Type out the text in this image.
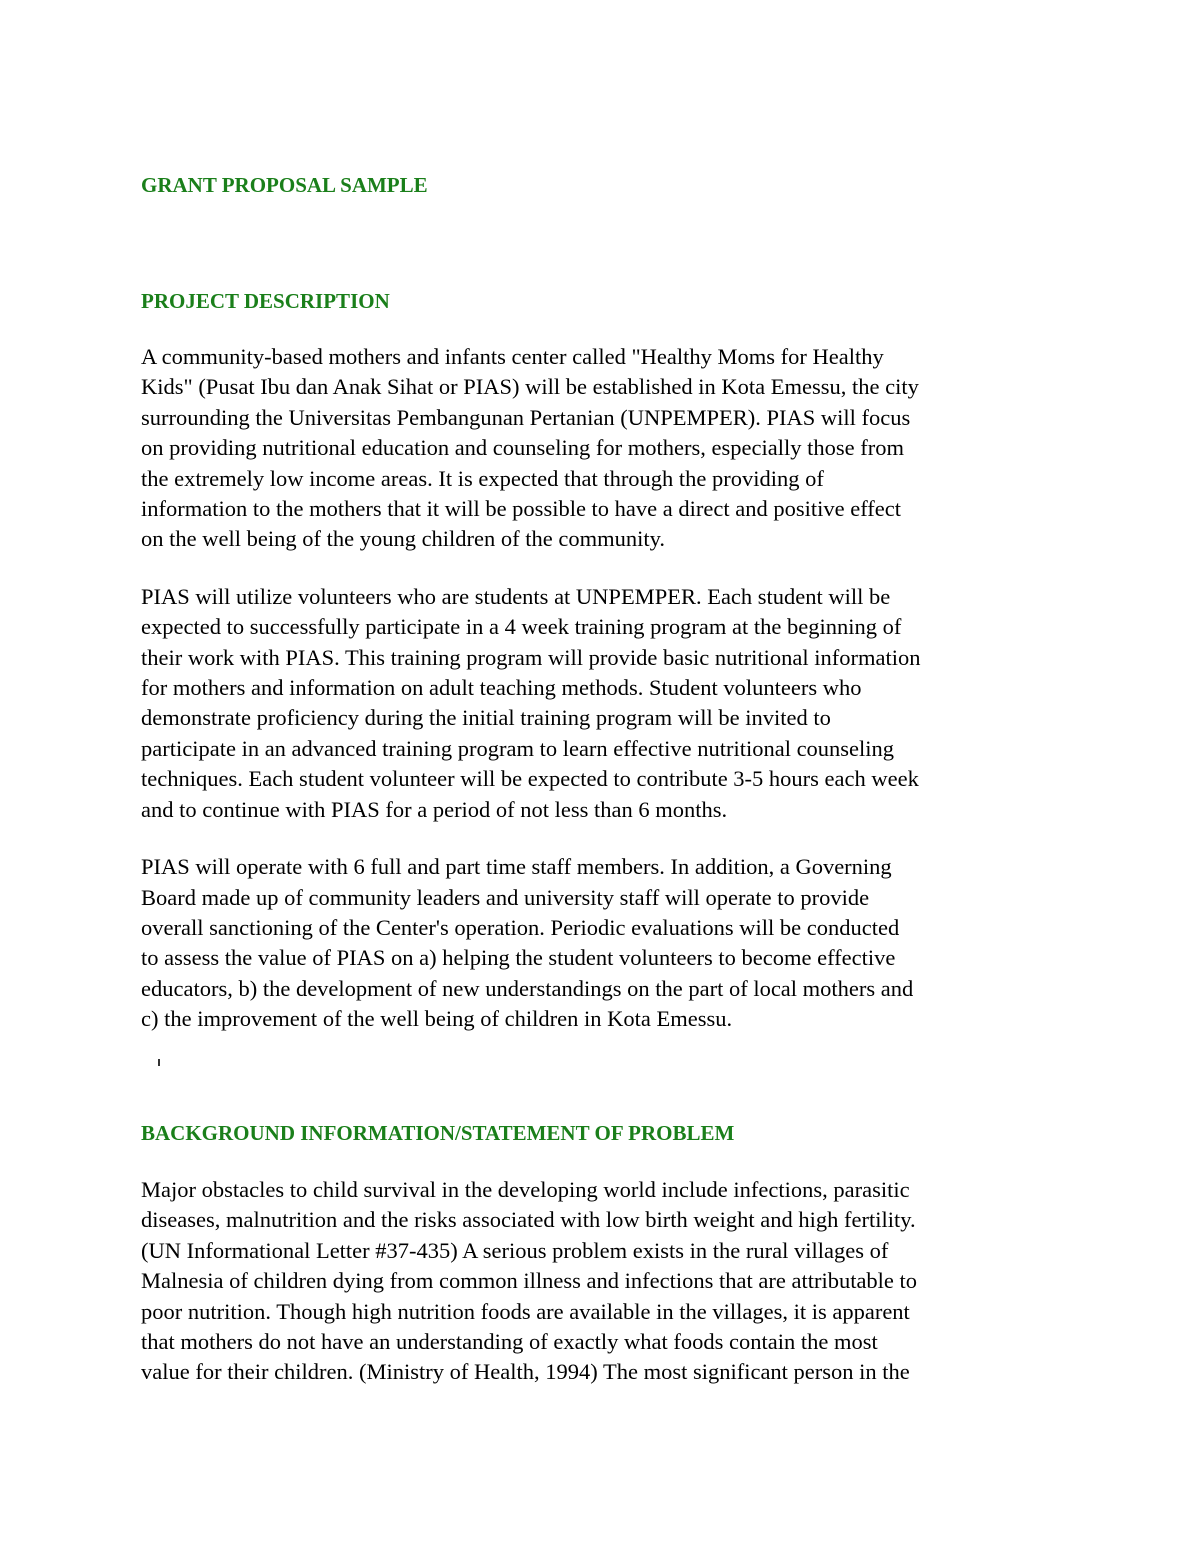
GRANT PROPOSAL SAMPLE
PROJECT DESCRIPTION

A community-based mothers and infants center called "Healthy Moms for Healthy
Kids" (Pusat Ibu dan Anak Sihat or PIAS) will be established in Kota Emessu, the city
surrounding the Universitas Pembangunan Pertanian (UNPEMPER). PIAS will focus
on providing nutritional education and counseling for mothers, especially those from
the extremely low income areas. It is expected that through the providing of
information to the mothers that it will be possible to have a direct and positive effect
on the well being of the young children of the community.

PIAS will utilize volunteers who are students at UNPEMPER. Each student will be
expected to successfully participate in a 4 week training program at the beginning of
their work with PIAS. This training program will provide basic nutritional information
for mothers and information on adult teaching methods. Student volunteers who
demonstrate proficiency during the initial training program will be invited to
participate in an advanced training program to learn effective nutritional counseling
techniques. Each student volunteer will be expected to contribute 3-5 hours each week
and to continue with PIAS for a period of not less than 6 months.

PIAS will operate with 6 full and part time staff members. In addition, a Governing
Board made up of community leaders and university staff will operate to provide
overall sanctioning of the Center's operation. Periodic evaluations will be conducted
to assess the value of PIAS on a) helping the student volunteers to become effective
educators, b) the development of new understandings on the part of local mothers and
c) the improvement of the well being of children in Kota Emessu.

BACKGROUND INFORMATION/STATEMENT OF PROBLEM

Major obstacles to child survival in the developing world include infections, parasitic
diseases, malnutrition and the risks associated with low birth weight and high fertility.
(UN Informational Letter #37-435) A serious problem exists in the rural villages of
Malnesia of children dying from common illness and infections that are attributable to
poor nutrition. Though high nutrition foods are available in the villages, it is apparent
that mothers do not have an understanding of exactly what foods contain the most
value for their children. (Ministry of Health, 1994) The most significant person in the
